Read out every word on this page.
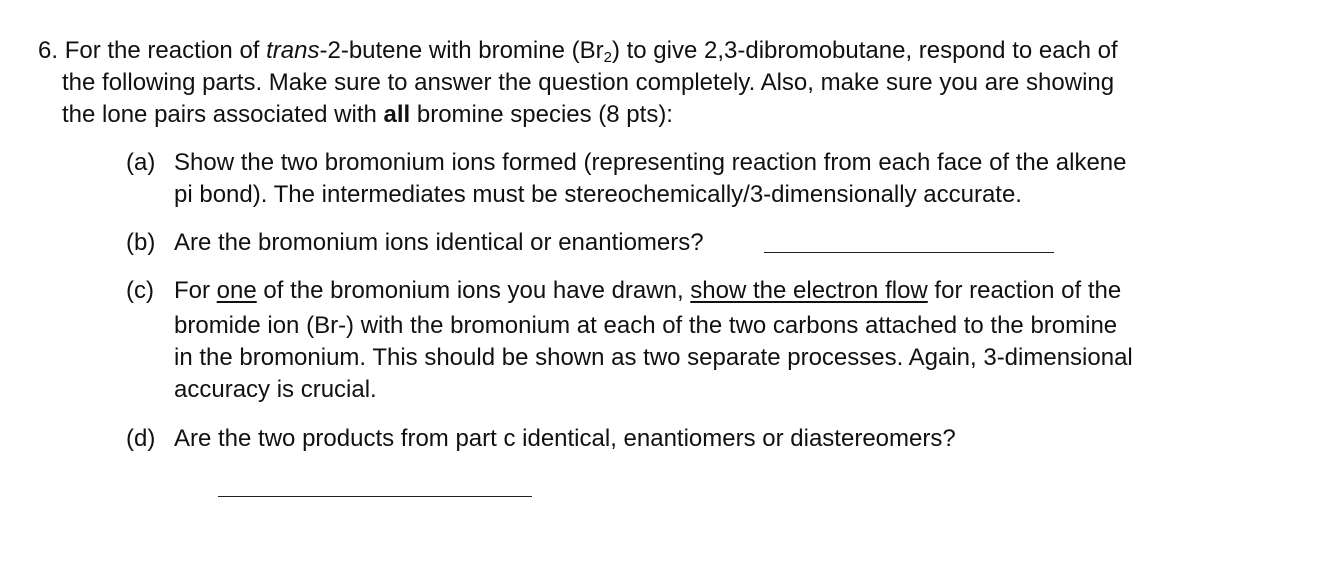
6. For the reaction of trans-2-butene with bromine $(Br_2)$ to give 2,3-dibromobutane, respond to each of
the following parts. Make sure to answer the question completely. Also, make sure you are showing
the lone pairs associated with all bromine species (8 pts):
(a) Show the two bromonium ions formed (representing reaction from each face of the alkene
pi bond). The intermediates must be stereochemically/3-dimensionally accurate.
(b) Are the bromonium ions identical or enantiomers?
(c) For one of the bromonium ions you have drawn, show the electron flow for reaction of the
bromide ion (Br-) with the bromonium at each of the two carbons attached to the bromine
in the bromonium. This should be shown as two separate processes. Again, 3-dimensional
accuracy is crucial.
(d) Are the two products from part c identical, enantiomers or diastereomers?
